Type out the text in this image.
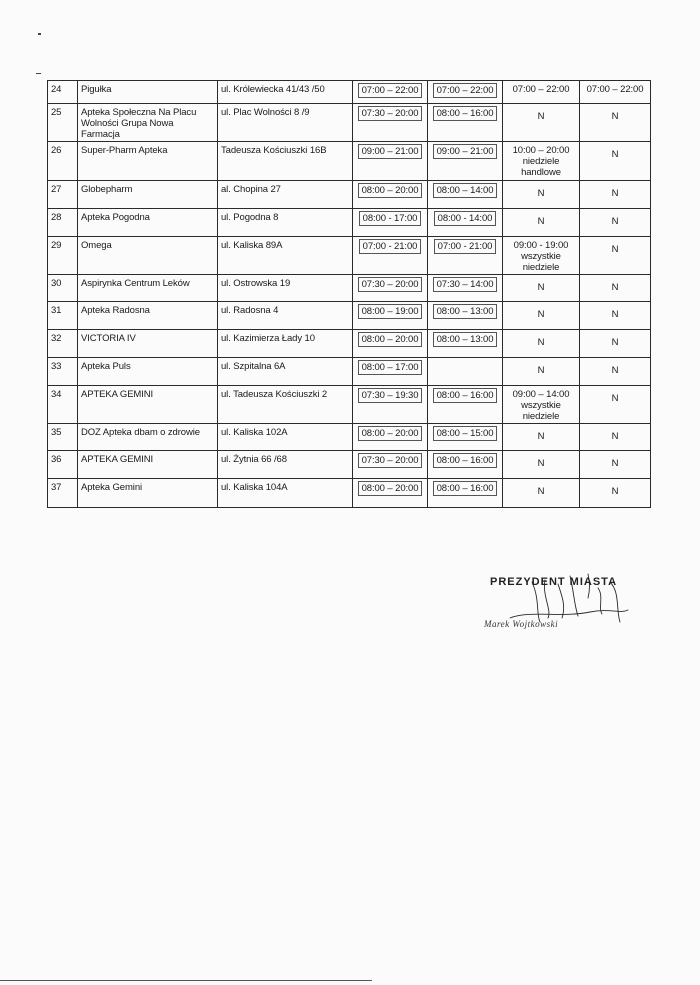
24	Pigułka	ul. Królewiecka 41/43 /50	07:00 – 22:00	07:00 – 22:00	07:00 – 22:00	07:00 – 22:00
25	Apteka Społeczna Na Placu Wolności Grupa Nowa Farmacja	ul. Plac Wolności 8 /9	07:30 – 20:00	08:00 – 16:00	N	N
26	Super-Pharm Apteka	Tadeusza Kościuszki 16B	09:00 – 21:00	09:00 – 21:00	10:00 – 20:00 niedziele handlowe	N
27	Globepharm	al. Chopina 27	08:00 – 20:00	08:00 – 14:00	N	N
28	Apteka Pogodna	ul. Pogodna 8	08:00 - 17:00	08:00 - 14:00	N	N
29	Omega	ul. Kaliska 89A	07:00 - 21:00	07:00 - 21:00	09:00 - 19:00 wszystkie niedziele	N
30	Aspirynka Centrum Leków	ul. Ostrowska 19	07:30 – 20:00	07:30 – 14:00	N	N
31	Apteka Radosna	ul. Radosna 4	08:00 – 19:00	08:00 – 13:00	N	N
32	VICTORIA IV	ul. Kazimierza Łady 10	08:00 – 20:00	08:00 – 13:00	N	N
33	Apteka Puls	ul. Szpitalna 6A	08:00 – 17:00		N	N
34	APTEKA GEMINI	ul. Tadeusza Kościuszki 2	07:30 – 19:30	08:00 – 16:00	09:00 – 14:00 wszystkie niedziele	N
35	DOZ Apteka dbam o zdrowie	ul. Kaliska 102A	08:00 – 20:00	08:00 – 15:00	N	N
36	APTEKA GEMINI	ul. Żytnia 66 /68	07:30 – 20:00	08:00 – 16:00	N	N
37	Apteka Gemini	ul. Kaliska 104A	08:00 – 20:00	08:00 – 16:00	N	N
PREZYDENT MIASTA
Marek Wojtkowski
